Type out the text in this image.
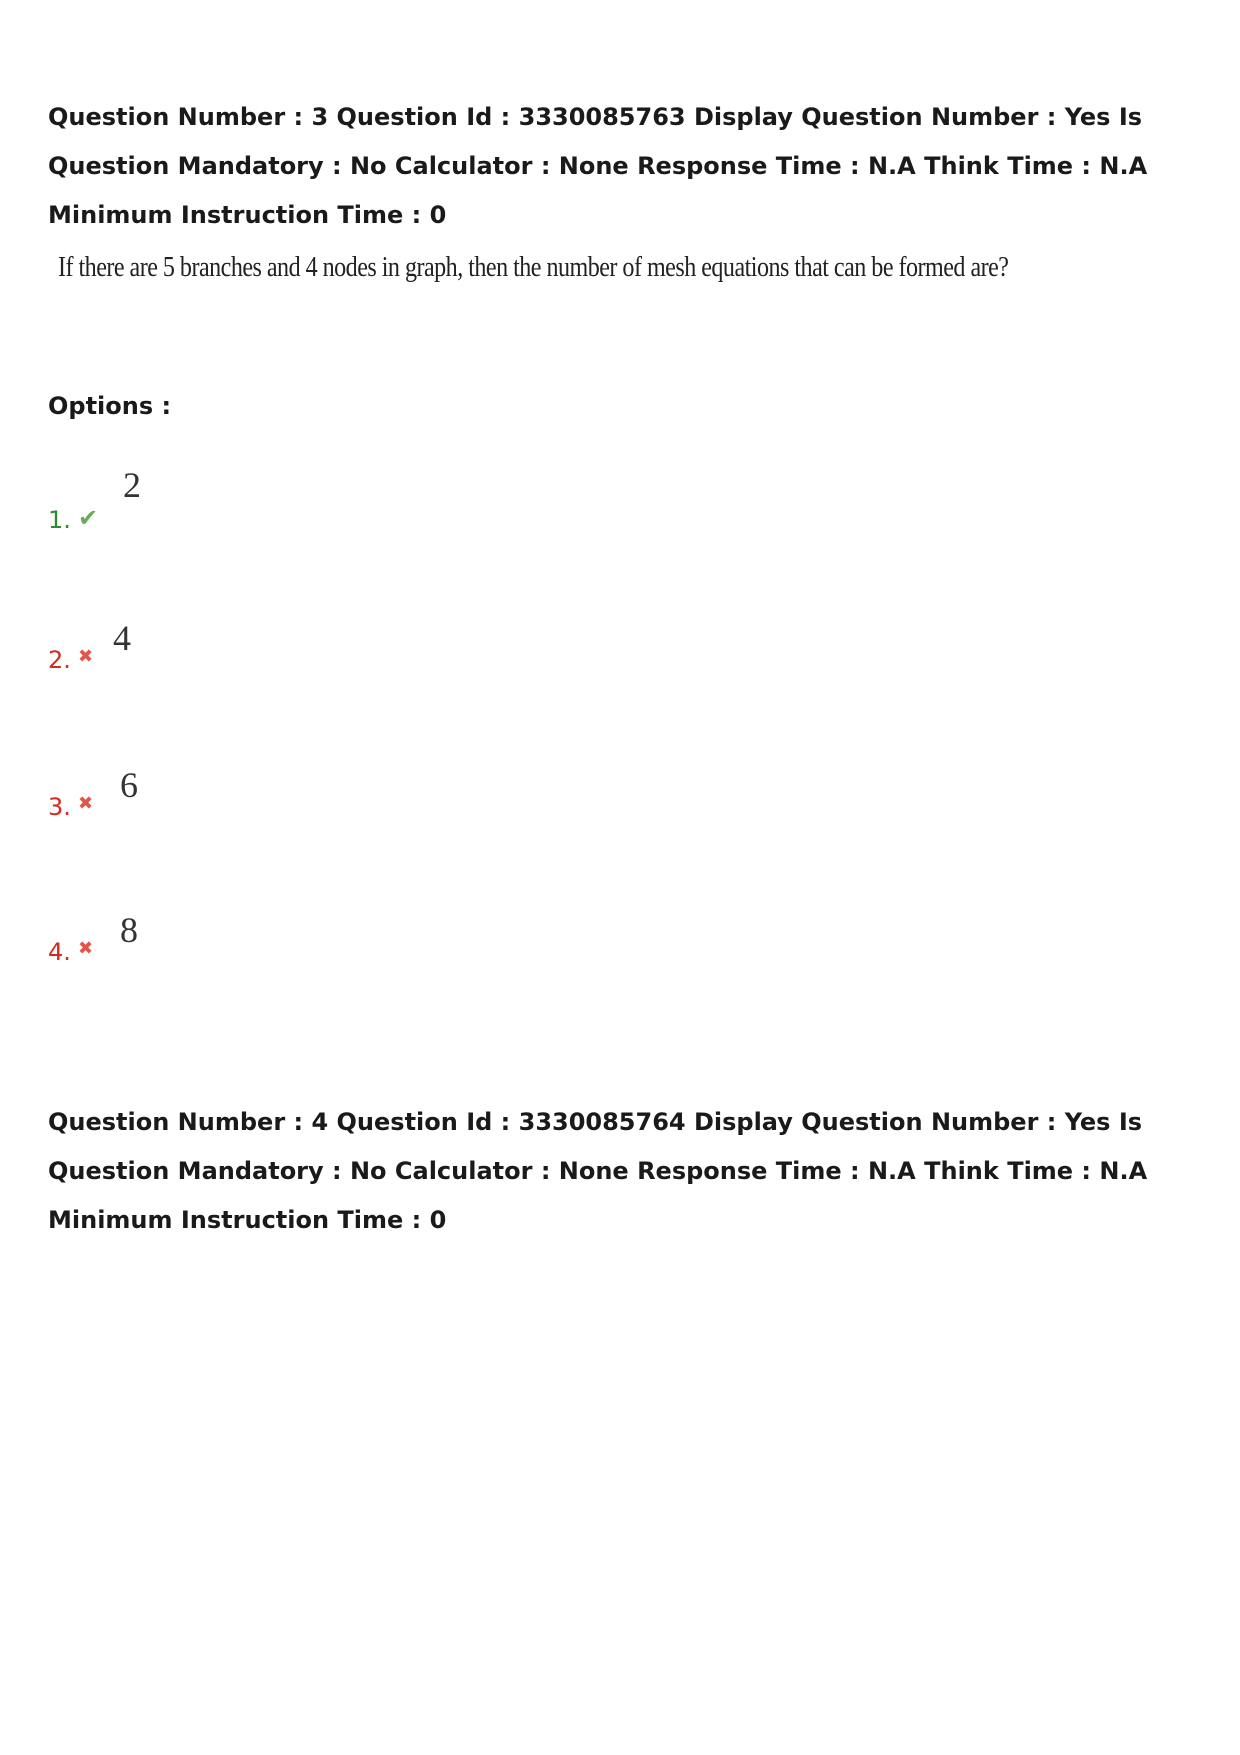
Question Number : 3 Question Id : 3330085763 Display Question Number : Yes Is Question Mandatory : No Calculator : None Response Time : N.A Think Time : N.A Minimum Instruction Time : 0

If there are 5 branches and 4 nodes in graph, then the number of mesh equations that can be formed are?

Options :

1. ✔
2
2. ✖ 4
3. ✖ 6
4. ✖ 8

Question Number : 4 Question Id : 3330085764 Display Question Number : Yes Is Question Mandatory : No Calculator : None Response Time : N.A Think Time : N.A Minimum Instruction Time : 0
